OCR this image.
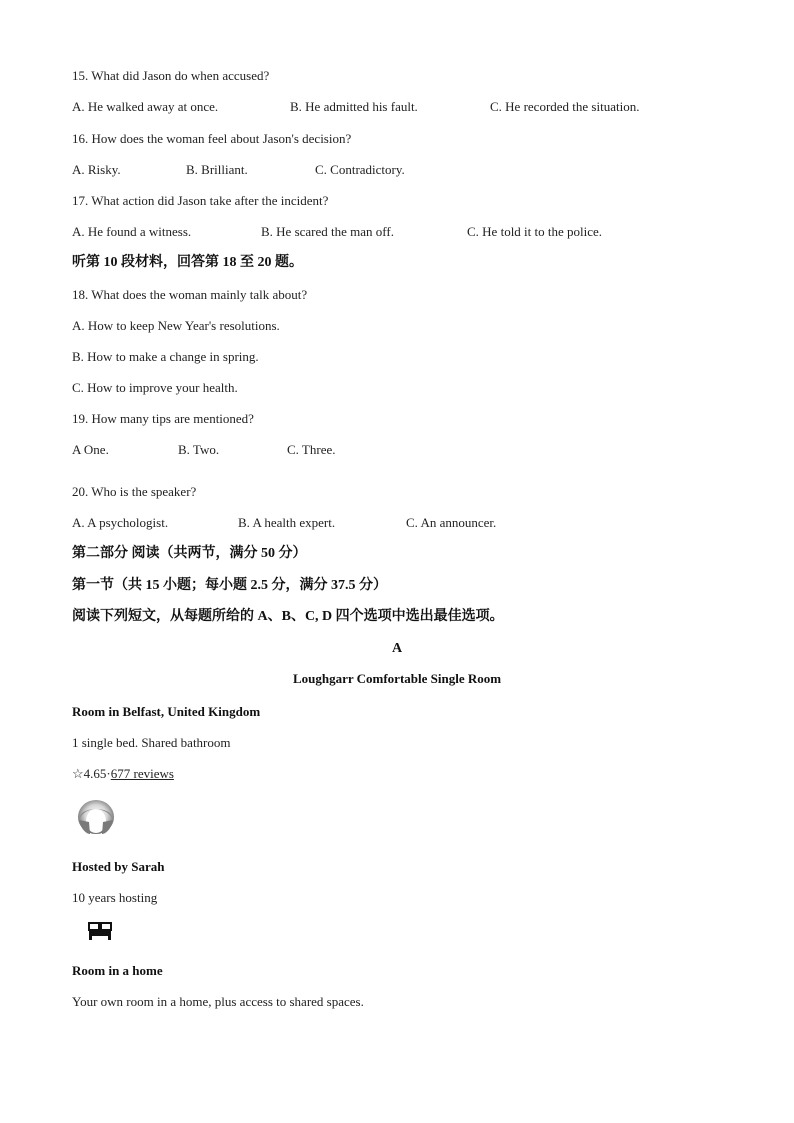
15. What did Jason do when accused?
A. He walked away at once.	B. He admitted his fault.	C. He recorded the situation.
16. How does the woman feel about Jason's decision?
A. Risky.	B. Brilliant.	C. Contradictory.
17. What action did Jason take after the incident?
A. He found a witness.	B. He scared the man off.	C. He told it to the police.
听第 10 段材料，回答第 18 至 20 题。
18. What does the woman mainly talk about?
A. How to keep New Year's resolutions.
B. How to make a change in spring.
C. How to improve your health.
19. How many tips are mentioned?
A One.	B. Two.	C. Three.
20. Who is the speaker?
A. A psychologist.	B. A health expert.	C. An announcer.
第二部分 阅读（共两节，满分 50 分）
第一节（共 15 小题；每小题 2.5 分，满分 37.5 分）
阅读下列短文，从每题所给的 A、B、C, D 四个选项中选出最佳选项。
A
Loughgarr Comfortable Single Room
Room in Belfast, United Kingdom
1 single bed. Shared bathroom
☆4.65·677 reviews
Hosted by Sarah
10 years hosting
Room in a home
Your own room in a home, plus access to shared spaces.
